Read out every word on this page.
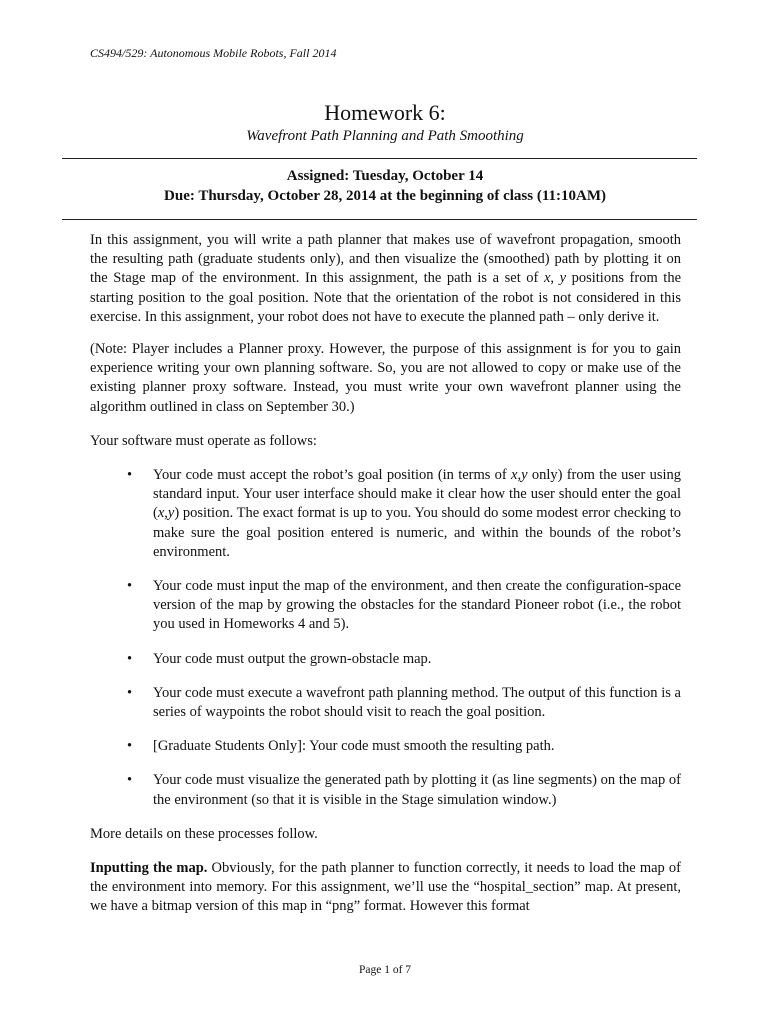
CS494/529: Autonomous Mobile Robots, Fall 2014
Homework 6:
Wavefront Path Planning and Path Smoothing
Assigned: Tuesday, October 14
Due: Thursday, October 28, 2014 at the beginning of class (11:10AM)

In this assignment, you will write a path planner that makes use of wavefront propagation, smooth the resulting path (graduate students only), and then visualize the (smoothed) path by plotting it on the Stage map of the environment. In this assignment, the path is a set of x, y positions from the starting position to the goal position. Note that the orientation of the robot is not considered in this exercise. In this assignment, your robot does not have to execute the planned path – only derive it.

(Note: Player includes a Planner proxy. However, the purpose of this assignment is for you to gain experience writing your own planning software. So, you are not allowed to copy or make use of the existing planner proxy software. Instead, you must write your own wavefront planner using the algorithm outlined in class on September 30.)

Your software must operate as follows:

• Your code must accept the robot’s goal position (in terms of x,y only) from the user using standard input. Your user interface should make it clear how the user should enter the goal (x,y) position. The exact format is up to you. You should do some modest error checking to make sure the goal position entered is numeric, and within the bounds of the robot’s environment.
• Your code must input the map of the environment, and then create the configuration-space version of the map by growing the obstacles for the standard Pioneer robot (i.e., the robot you used in Homeworks 4 and 5).
• Your code must output the grown-obstacle map.
• Your code must execute a wavefront path planning method. The output of this function is a series of waypoints the robot should visit to reach the goal position.
• [Graduate Students Only]: Your code must smooth the resulting path.
• Your code must visualize the generated path by plotting it (as line segments) on the map of the environment (so that it is visible in the Stage simulation window.)

More details on these processes follow.

Inputting the map. Obviously, for the path planner to function correctly, it needs to load the map of the environment into memory. For this assignment, we’ll use the “hospital_section” map. At present, we have a bitmap version of this map in “png” format. However this format

Page 1 of 7
